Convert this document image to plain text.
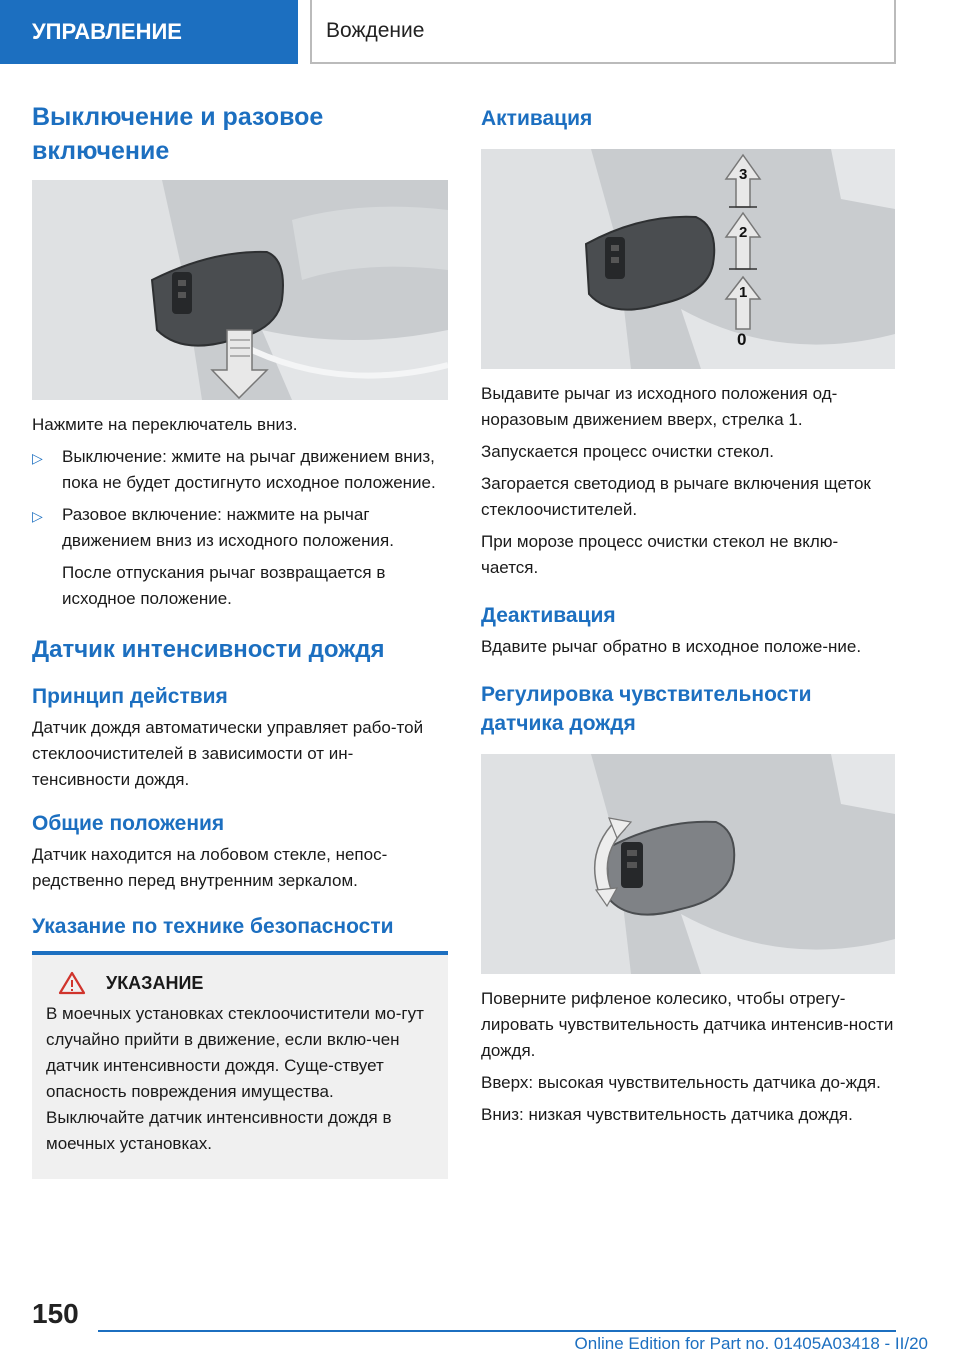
УПРАВЛЕНИЕ	Вождение
Выключение и разовое включение

Нажмите на переключатель вниз.

▷	Выключение: жмите на рычаг движением вниз, пока не будет достигнуто исходное положение.
▷	Разовое включение: нажмите на рычаг движением вниз из исходного положения.

После отпускания рычаг возвращается в исходное положение.

Датчик интенсивности дождя
Принцип действия

Датчик дождя автоматически управляет рабо-той стеклоочистителей в зависимости от ин-тенсивности дождя.

Общие положения

Датчик находится на лобовом стекле, непос-редственно перед внутренним зеркалом.

Указание по технике безопасности
УКАЗАНИЕ

В моечных установках стеклоочистители мо-гут случайно прийти в движение, если вклю-чен датчик интенсивности дождя. Суще-ствует опасность повреждения имущества. Выключайте датчик интенсивности дождя в моечных установках.

Активация
1
2
3
0

Выдавите рычаг из исходного положения од-норазовым движением вверх, стрелка 1.

Запускается процесс очистки стекол.

Загорается светодиод в рычаге включения щеток стеклоочистителей.

При морозе процесс очистки стекол не вклю-чается.

Деактивация

Вдавите рычаг обратно в исходное положе-ние.

Регулировка чувствительности датчика дождя

Поверните рифленое колесико, чтобы отрегу-лировать чувствительность датчика интенсив-ности дождя.

Вверх: высокая чувствительность датчика до-ждя.

Вниз: низкая чувствительность датчика дождя.

150
Online Edition for Part no. 01405A03418 - II/20
